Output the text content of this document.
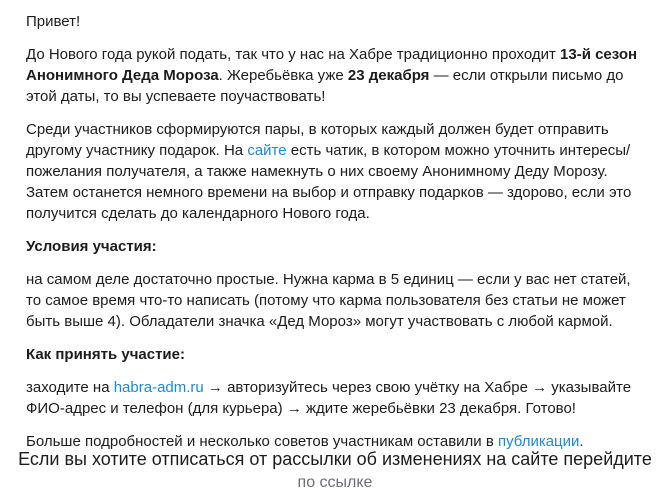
Привет!

До Нового года рукой подать, так что у нас на Хабре традиционно проходит 13-й сезон Анонимного Деда Мороза. Жеребьёвка уже 23 декабря — если открыли письмо до этой даты, то вы успеваете поучаствовать!

Среди участников сформируются пары, в которых каждый должен будет отправить другому участнику подарок. На сайте есть чатик, в котором можно уточнить интересы/пожелания получателя, а также намекнуть о них своему Анонимному Деду Морозу. Затем останется немного времени на выбор и отправку подарков — здорово, если это получится сделать до календарного Нового года.

Условия участия:

на самом деле достаточно простые. Нужна карма в 5 единиц — если у вас нет статей, то самое время что-то написать (потому что карма пользователя без статьи не может быть выше 4). Обладатели значка «Дед Мороз» могут участвовать с любой кармой.

Как принять участие:

заходите на habra-adm.ru → авторизуйтесь через свою учётку на Хабре → указывайте ФИО-адрес и телефон (для курьера) → ждите жеребьёвки 23 декабря. Готово!

Больше подробностей и несколько советов участникам оставили в публикации.

Если вы хотите отписаться от рассылки об изменениях на сайте перейдите
по ссылке
